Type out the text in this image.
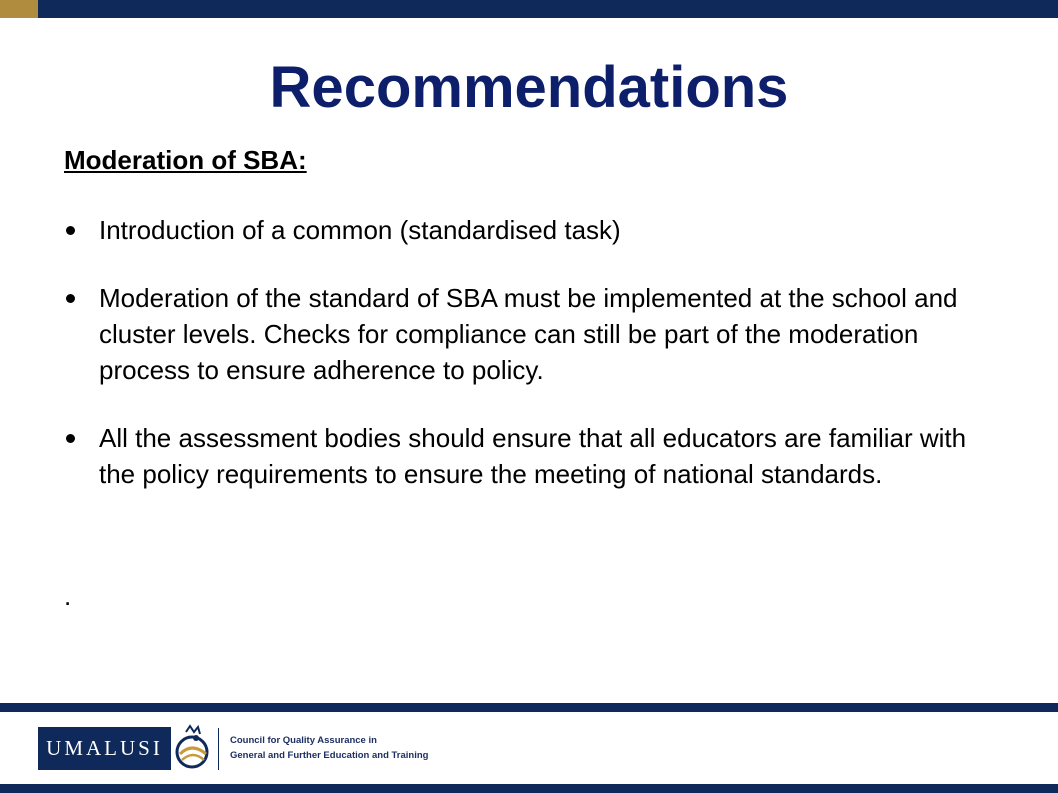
Recommendations
Moderation of SBA:
Introduction of a common (standardised task)
Moderation of the standard of SBA must be implemented at the school and cluster levels. Checks for compliance can still be part of the moderation process to ensure adherence to policy.
All the assessment bodies should ensure that all educators are familiar with the policy requirements to ensure the meeting of national standards.
.
UMALUSI	Council for Quality Assurance in
General and Further Education and Training
